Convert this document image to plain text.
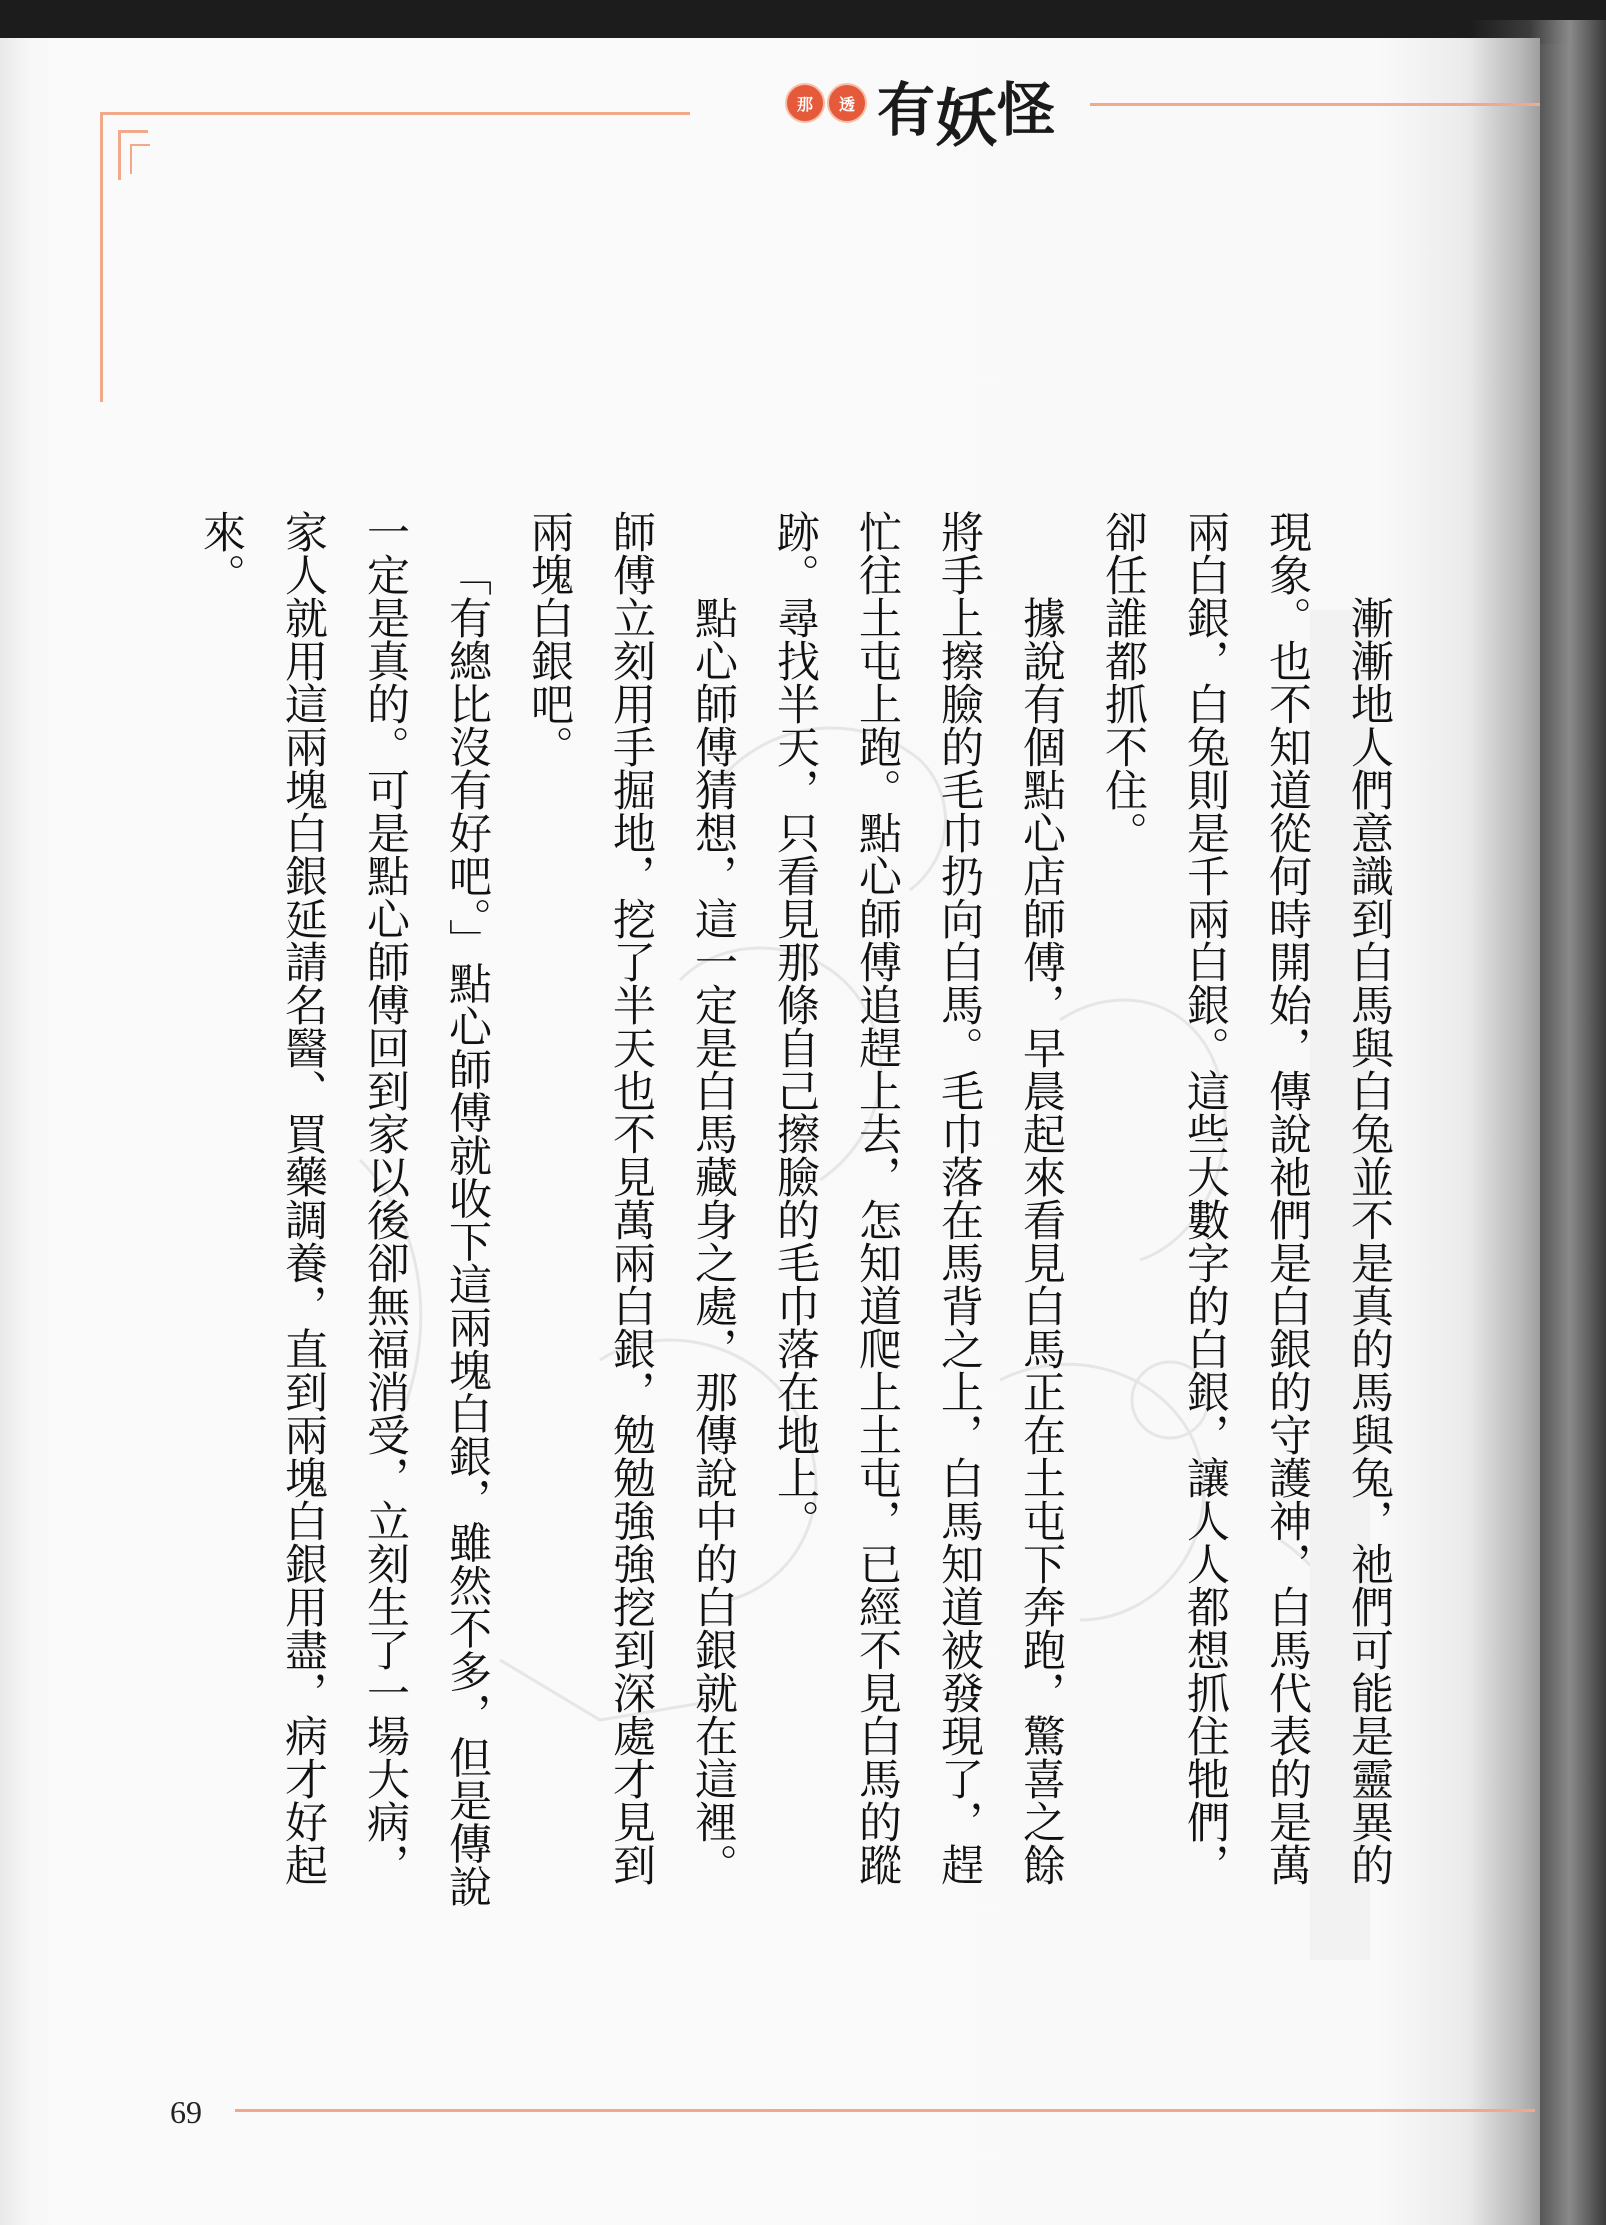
那	透 有妖怪

漸漸地人們意識到白馬與白兔並不是真的馬與兔，祂們可能是靈異的現象。也不知道從何時開始，傳說祂們是白銀的守護神，白馬代表的是萬兩白銀，白兔則是千兩白銀。這些大數字的白銀，讓人人都想抓住牠們，卻任誰都抓不住。

據說有個點心店師傅，早晨起來看見白馬正在土屯下奔跑，驚喜之餘將手上擦臉的毛巾扔向白馬。毛巾落在馬背之上，白馬知道被發現了，趕忙往土屯上跑。點心師傅追趕上去，怎知道爬上土屯，已經不見白馬的蹤跡。尋找半天，只看見那條自己擦臉的毛巾落在地上。

點心師傅猜想，這一定是白馬藏身之處，那傳說中的白銀就在這裡。師傅立刻用手掘地，挖了半天也不見萬兩白銀，勉勉強強挖到深處才見到兩塊白銀吧。

「有總比沒有好吧。」點心師傅就收下這兩塊白銀，雖然不多，但是傳說一定是真的。可是點心師傅回到家以後卻無福消受，立刻生了一場大病，家人就用這兩塊白銀延請名醫、買藥調養，直到兩塊白銀用盡，病才好起來。

69
